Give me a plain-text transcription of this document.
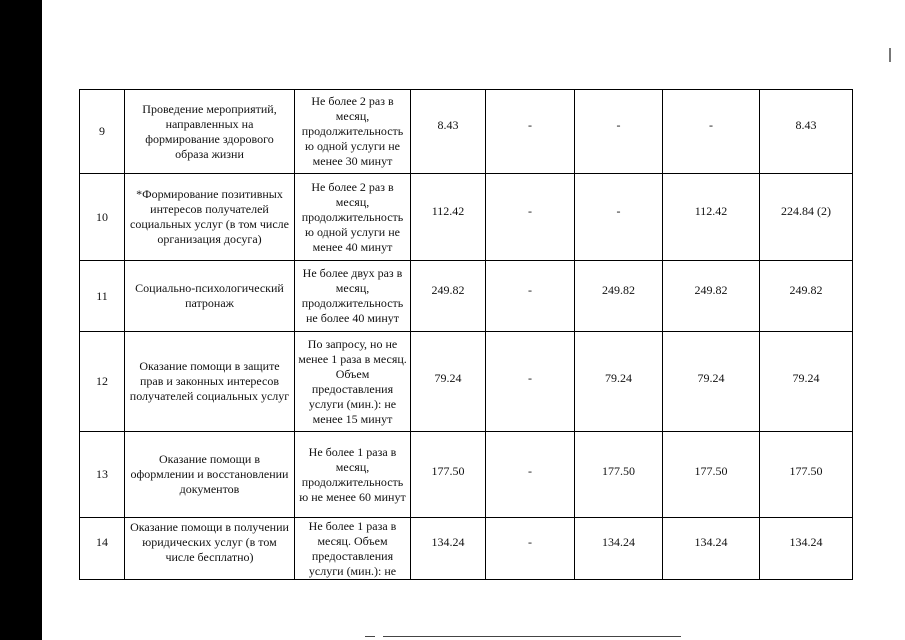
9	Проведение мероприятий, направленных на формирование здорового образа жизни	Не более 2 раз в месяц, продолжительность ю одной услуги не менее 30 минут	8.43	-	-	-	8.43
10	*Формирование позитивных интересов получателей социальных услуг (в том числе организация досуга)	Не более 2 раз в месяц, продолжительность ю одной услуги не менее 40 минут	112.42	-	-	112.42	224.84 (2)
11	Социально-психологический патронаж	Не более двух раз в месяц, продолжительность не более 40 минут	249.82	-	249.82	249.82	249.82
12	Оказание помощи в защите прав и законных интересов получателей социальных услуг	По запросу, но не менее 1 раза в месяц. Объем предоставления услуги (мин.): не менее 15 минут	79.24	-	79.24	79.24	79.24
13	Оказание помощи в оформлении и восстановлении документов	Не более 1 раза в месяц, продолжительность ю не менее 60 минут	177.50	-	177.50	177.50	177.50
14	Оказание помощи в получении юридических услуг (в том числе бесплатно)	Не более 1 раза в месяц. Объем предоставления услуги (мин.): не	134.24	-	134.24	134.24	134.24
